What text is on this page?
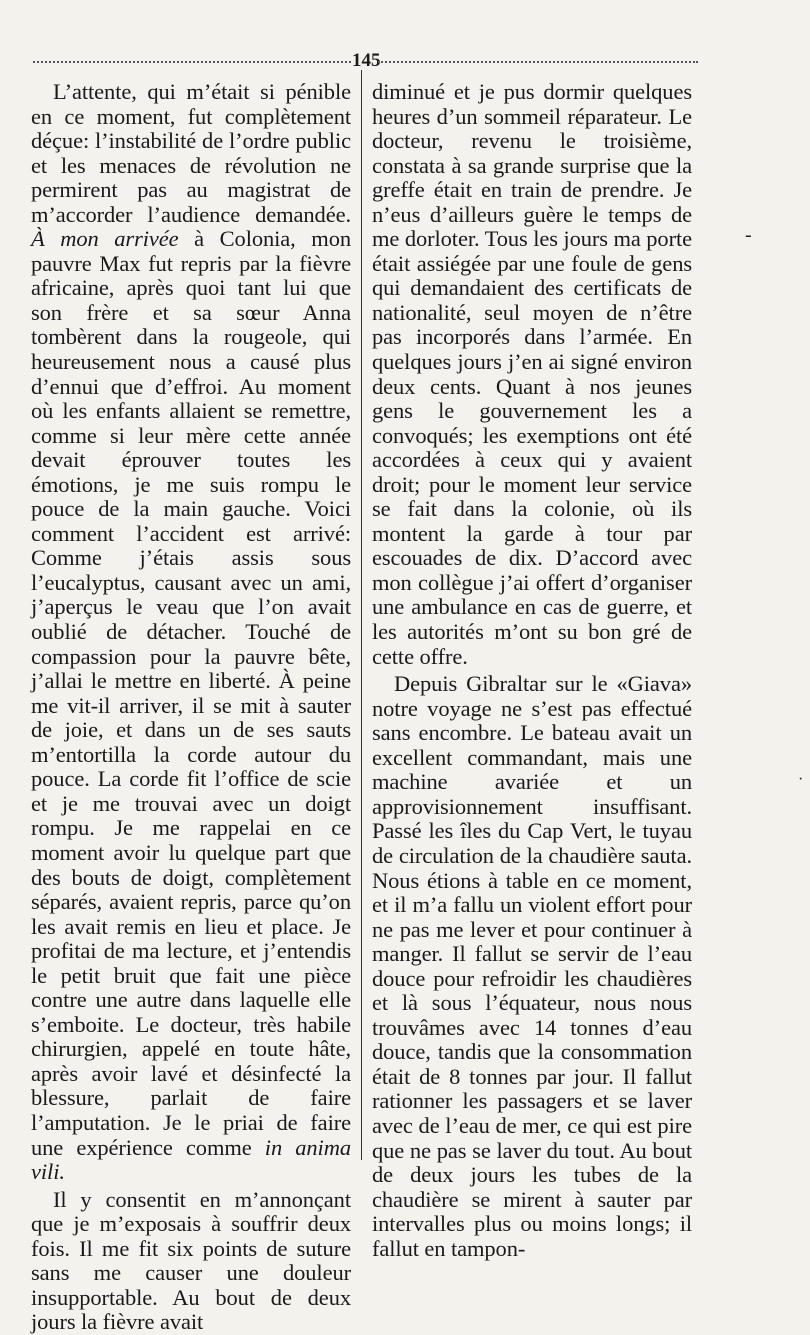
145

L’attente, qui m’était si pénible en ce moment, fut complètement déçue: l’instabilité de l’ordre public et les menaces de révolution ne permirent pas au magistrat de m’accorder l’audience demandée. À mon arrivée à Colonia, mon pauvre Max fut repris par la fièvre africaine, après quoi tant lui que son frère et sa sœur Anna tombèrent dans la rougeole, qui heureusement nous a causé plus d’ennui que d’effroi. Au moment où les enfants allaient se remettre, comme si leur mère cette année devait éprouver toutes les émotions, je me suis rompu le pouce de la main gauche. Voici comment l’accident est arrivé: Comme j’étais assis sous l’eucalyptus, causant avec un ami, j’aperçus le veau que l’on avait oublié de détacher. Touché de compassion pour la pauvre bête, j’allai le mettre en liberté. À peine me vit-il arriver, il se mit à sauter de joie, et dans un de ses sauts m’entortilla la corde autour du pouce. La corde fit l’office de scie et je me trouvai avec un doigt rompu. Je me rappelai en ce moment avoir lu quelque part que des bouts de doigt, complètement séparés, avaient repris, parce qu’on les avait remis en lieu et place. Je profitai de ma lecture, et j’entendis le petit bruit que fait une pièce contre une autre dans laquelle elle s’emboite. Le docteur, très habile chirurgien, appelé en toute hâte, après avoir lavé et désinfecté la blessure, parlait de faire l’amputation. Je le priai de faire une expérience comme in anima vili.

Il y consentit en m’annonçant que je m’exposais à souffrir deux fois. Il me fit six points de suture sans me causer une douleur insupportable. Au bout de deux jours la fièvre avait

diminué et je pus dormir quelques heures d’un sommeil réparateur. Le docteur, revenu le troisième, constata à sa grande surprise que la greffe était en train de prendre. Je n’eus d’ailleurs guère le temps de me dorloter. Tous les jours ma porte était assiégée par une foule de gens qui demandaient des certificats de nationalité, seul moyen de n’être pas incorporés dans l’armée. En quelques jours j’en ai signé environ deux cents. Quant à nos jeunes gens le gouvernement les a convoqués; les exemptions ont été accordées à ceux qui y avaient droit; pour le moment leur service se fait dans la colonie, où ils montent la garde à tour par escouades de dix. D’accord avec mon collègue j’ai offert d’organiser une ambulance en cas de guerre, et les autorités m’ont su bon gré de cette offre.

Depuis Gibraltar sur le «Giava» notre voyage ne s’est pas effectué sans encombre. Le bateau avait un excellent commandant, mais une machine avariée et un approvisionnement insuffisant. Passé les îles du Cap Vert, le tuyau de circulation de la chaudière sauta. Nous étions à table en ce moment, et il m’a fallu un violent effort pour ne pas me lever et pour continuer à manger. Il fallut se servir de l’eau douce pour refroidir les chaudières et là sous l’équateur, nous nous trouvâmes avec 14 tonnes d’eau douce, tandis que la consommation était de 8 tonnes par jour. Il fallut rationner les passagers et se laver avec de l’eau de mer, ce qui est pire que ne pas se laver du tout. Au bout de deux jours les tubes de la chaudière se mirent à sauter par intervalles plus ou moins longs; il fallut en tampon-

-
·
